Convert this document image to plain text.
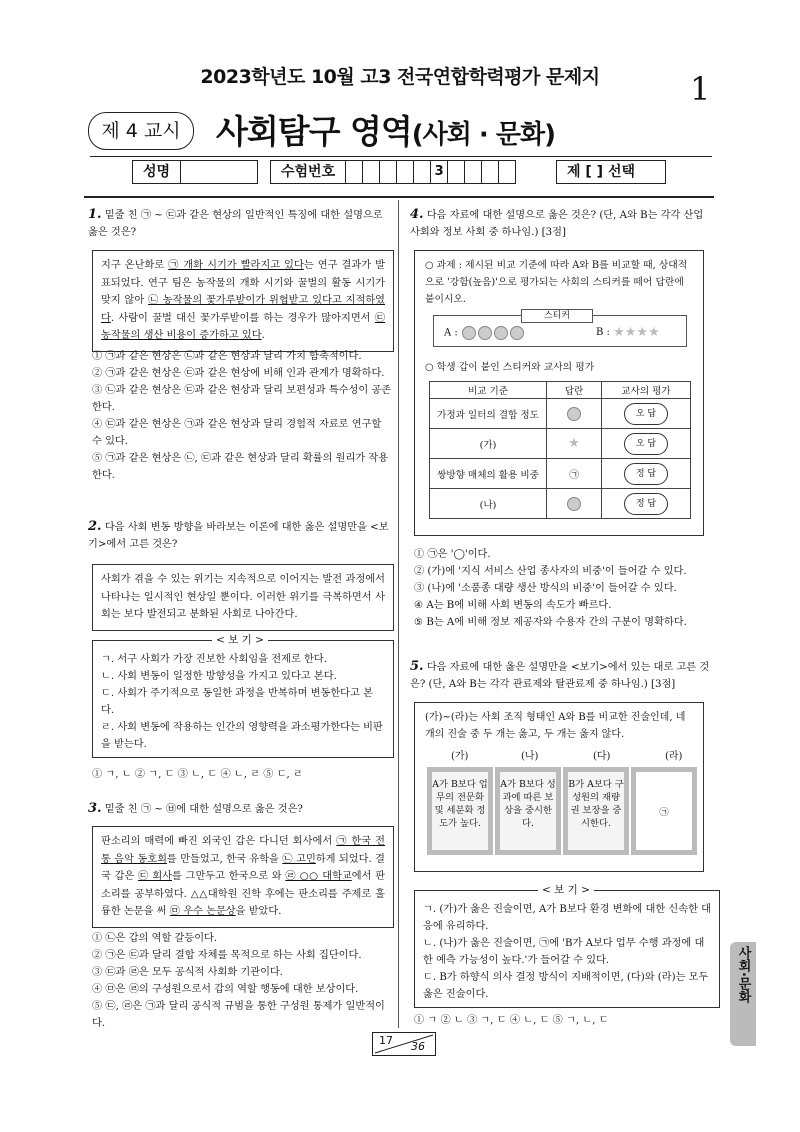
2023학년도 10월 고3 전국연합학력평가 문제지	1
제 4 교시	사회탐구 영역(사회 · 문화)
성명	수험번호	3	제 [ ] 선택
1. 밑줄 친 ㉠ ~ ㉢과 같은 현상의 일반적인 특징에 대한 설명으로 옳은 것은?
지구 온난화로 ㉠ 개화 시기가 빨라지고 있다는 연구 결과가 발표되었다. 연구 팀은 농작물의 개화 시기와 꿀벌의 활동 시기가 맞지 않아 ㉡ 농작물의 꽃가루받이가 위협받고 있다고 지적하였다. 사람이 꿀벌 대신 꽃가루받이를 하는 경우가 많아지면서 ㉢ 농작물의 생산 비용이 증가하고 있다.
① ㉠과 같은 현상은 ㉡과 같은 현상과 달리 가치 함축적이다.
② ㉠과 같은 현상은 ㉢과 같은 현상에 비해 인과 관계가 명확하다.
③ ㉡과 같은 현상은 ㉢과 같은 현상과 달리 보편성과 특수성이 공존한다.
④ ㉢과 같은 현상은 ㉠과 같은 현상과 달리 경험적 자료로 연구할 수 있다.
⑤ ㉠과 같은 현상은 ㉡, ㉢과 같은 현상과 달리 확률의 원리가 작용한다.
2. 다음 사회 변동 방향을 바라보는 이론에 대한 옳은 설명만을 <보기>에서 고른 것은?
사회가 겪을 수 있는 위기는 지속적으로 이어지는 발전 과정에서 나타나는 일시적인 현상일 뿐이다. 이러한 위기를 극복하면서 사회는 보다 발전되고 분화된 사회로 나아간다.
ㄱ. 서구 사회가 가장 진보한 사회임을 전제로 한다.
ㄴ. 사회 변동이 일정한 방향성을 가지고 있다고 본다.
ㄷ. 사회가 주기적으로 동일한 과정을 반복하며 변동한다고 본다.
ㄹ. 사회 변동에 작용하는 인간의 영향력을 과소평가한다는 비판을 받는다.
< 보 기 >
① ㄱ, ㄴ ② ㄱ, ㄷ ③ ㄴ, ㄷ ④ ㄴ, ㄹ ⑤ ㄷ, ㄹ
3. 밑줄 친 ㉠ ~ ㉥에 대한 설명으로 옳은 것은?
판소리의 매력에 빠진 외국인 갑은 다니던 회사에서 ㉠ 한국 전통 음악 동호회를 만들었고, 한국 유학을 ㉡ 고민하게 되었다. 결국 갑은 ㉢ 회사를 그만두고 한국으로 와 ㉣ ○○ 대학교에서 판소리를 공부하였다. △△대학원 진학 후에는 판소리를 주제로 훌륭한 논문을 써 ㉤ 우수 논문상을 받았다.
① ㉡은 갑의 역할 갈등이다.
② ㉠은 ㉢과 달리 결합 자체를 목적으로 하는 사회 집단이다.
③ ㉢과 ㉣은 모두 공식적 사회화 기관이다.
④ ㉤은 ㉣의 구성원으로서 갑의 역할 행동에 대한 보상이다.
⑤ ㉢, ㉣은 ㉠과 달리 공식적 규범을 통한 구성원 통제가 일반적이다.
4. 다음 자료에 대한 설명으로 옳은 것은? (단, A와 B는 각각 산업 사회와 정보 사회 중 하나임.) [3점]
○ 과제 : 제시된 비교 기준에 따라 A와 B를 비교할 때, 상대적으로 '강함(높음)'으로 평가되는 사회의 스티커를 떼어 답란에 붙이시오.
A :	B : ★★★★
스티커
○ 학생 갑이 붙인 스티커와 교사의 평가
비교 기준	답란	교사의 평가
가정과 일터의 결합 정도		오 답
(가)	★	오 답
쌍방향 매체의 활용 비중	㉠	정 답
(나)		정 답
① ㉠은 '◯'이다.
② (가)에 '지식 서비스 산업 종사자의 비중'이 들어갈 수 있다.
③ (나)에 '소품종 대량 생산 방식의 비중'이 들어갈 수 있다.
④ A는 B에 비해 사회 변동의 속도가 빠르다.
⑤ B는 A에 비해 정보 제공자와 수용자 간의 구분이 명확하다.
5. 다음 자료에 대한 옳은 설명만을 <보기>에서 있는 대로 고른 것은? (단, A와 B는 각각 관료제와 탈관료제 중 하나임.) [3점]
(가)~(라)는 사회 조직 형태인 A와 B를 비교한 진술인데, 네 개의 진술 중 두 개는 옳고, 두 개는 옳지 않다.
(가)	(나)	(다)	(라)
A가 B보다 업무의 전문화 및 세분화 정도가 높다.
A가 B보다 성과에 따른 보상을 중시한다.
B가 A보다 구성원의 재량권 보장을 중시한다.
㉠
ㄱ. (가)가 옳은 진술이면, A가 B보다 환경 변화에 대한 신속한 대응에 유리하다.
ㄴ. (나)가 옳은 진술이면, ㉠에 'B가 A보다 업무 수행 과정에 대한 예측 가능성이 높다.'가 들어갈 수 있다.
ㄷ. B가 하향식 의사 결정 방식이 지배적이면, (다)와 (라)는 모두 옳은 진술이다.
< 보 기 >
① ㄱ ② ㄴ ③ ㄱ, ㄷ ④ ㄴ, ㄷ ⑤ ㄱ, ㄴ, ㄷ
17 36
사회·문화
